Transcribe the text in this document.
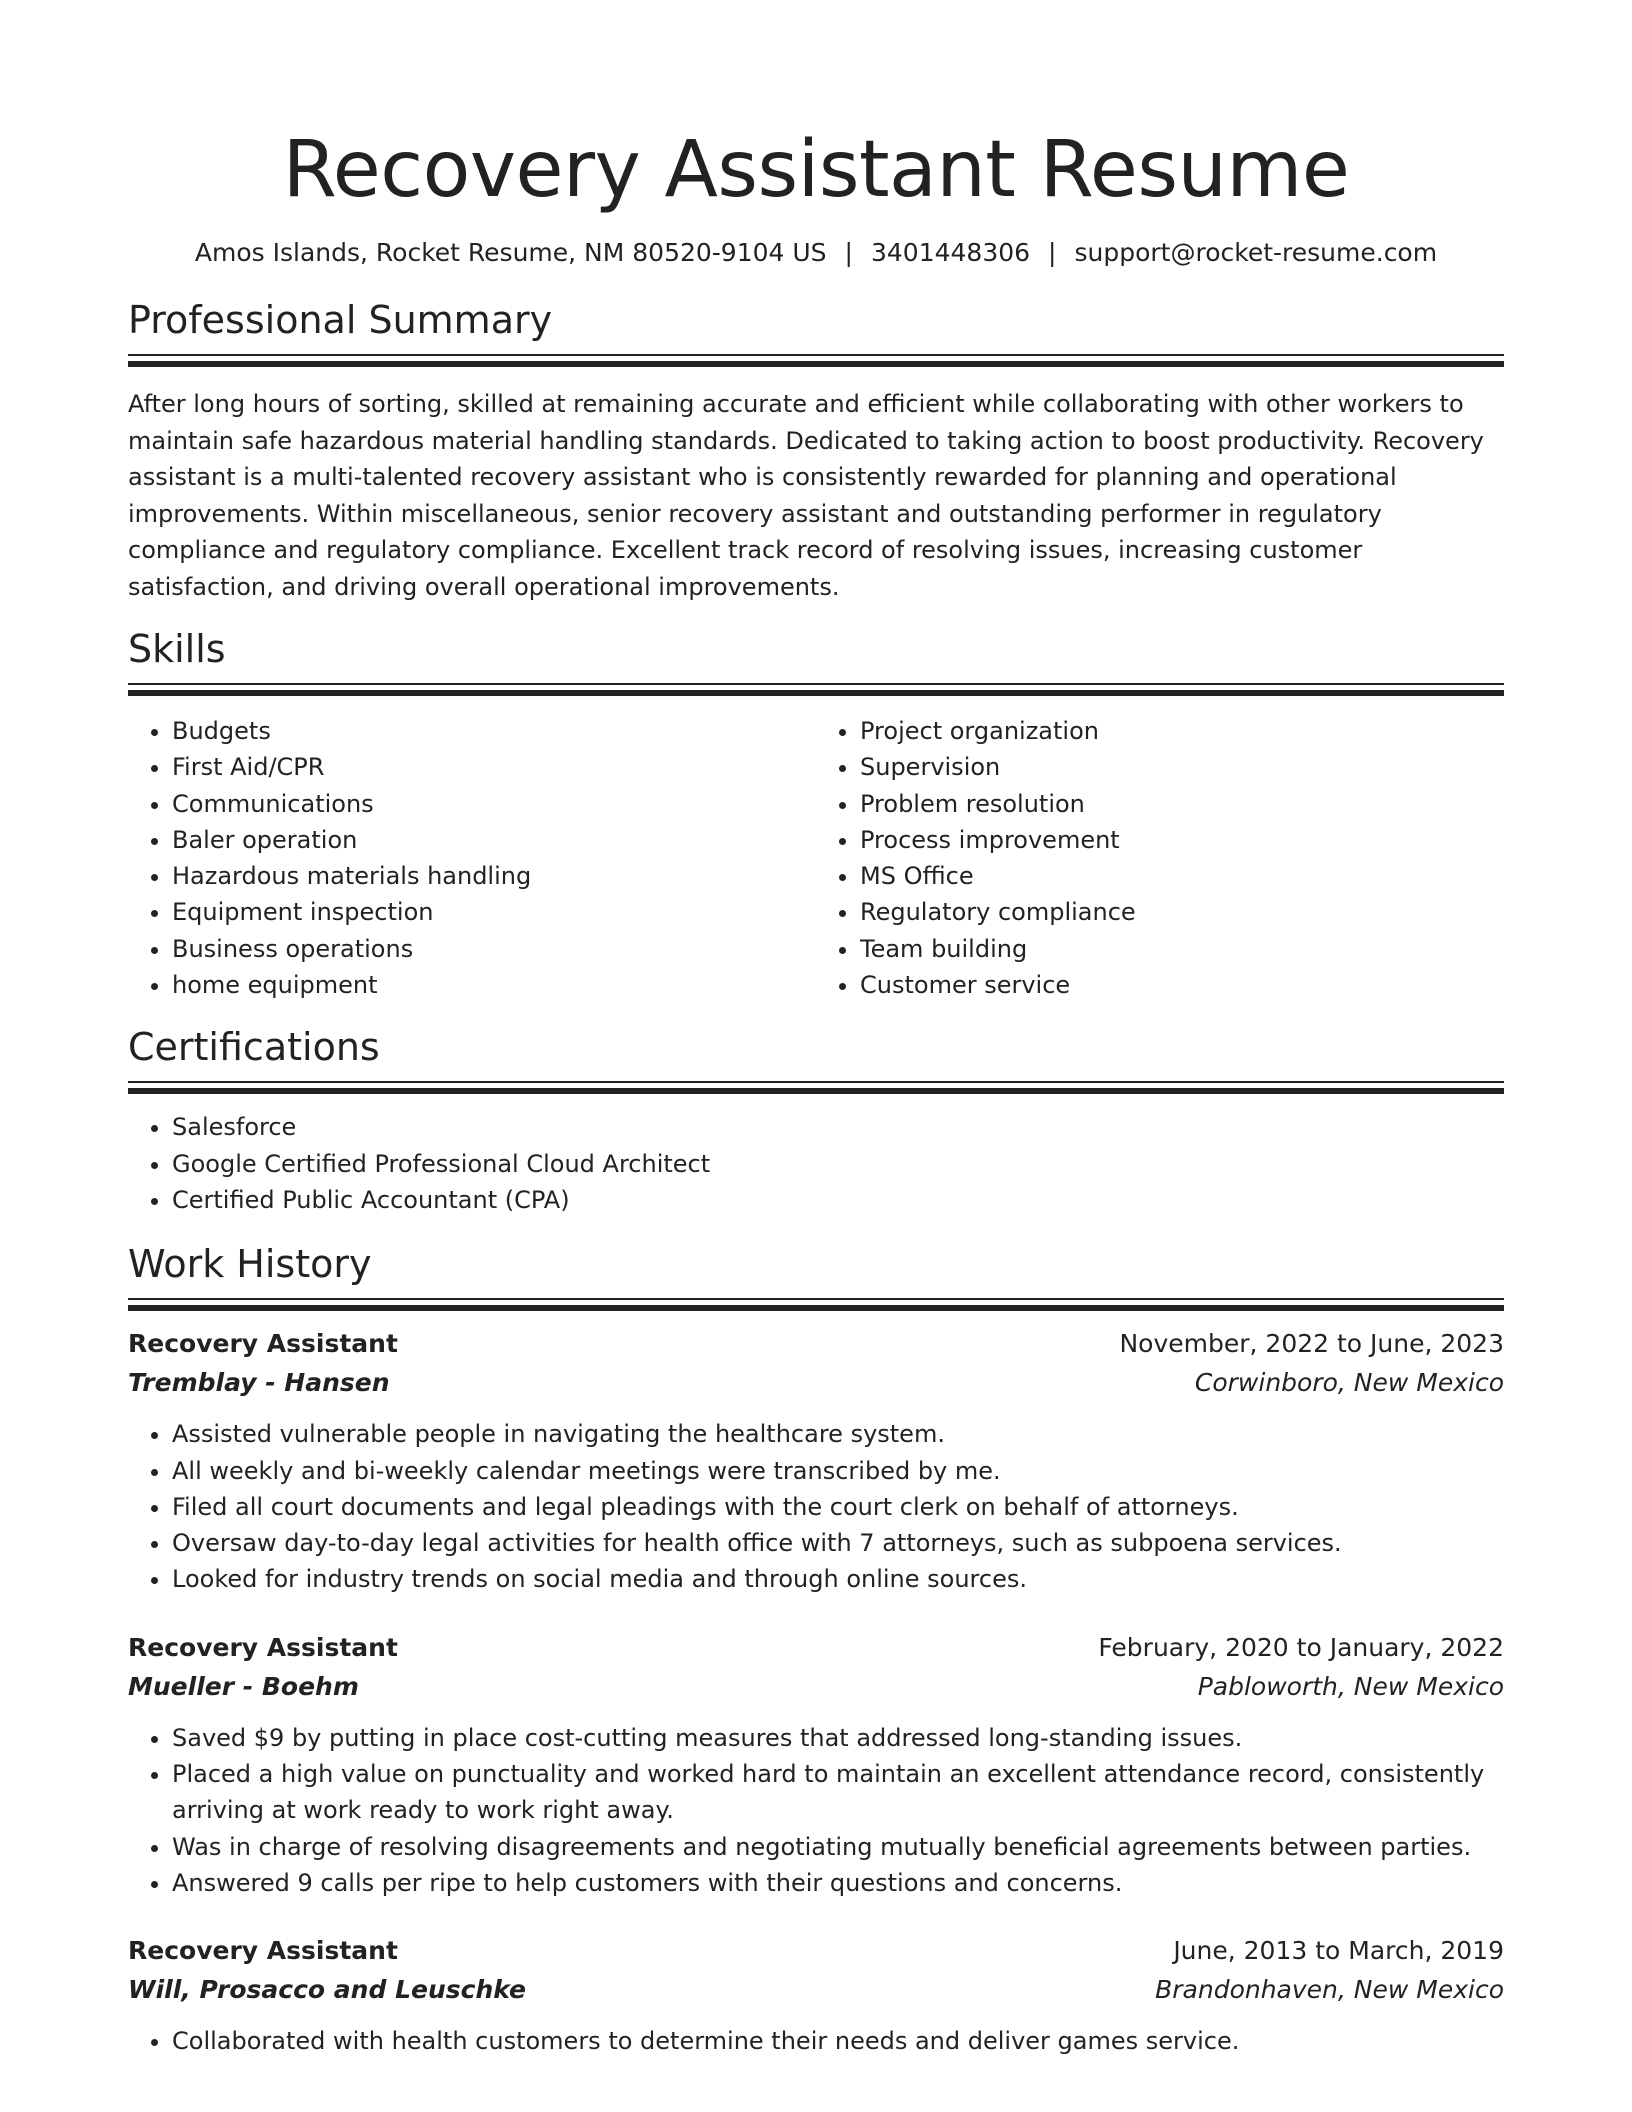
Recovery Assistant Resume
Amos Islands, Rocket Resume, NM 80520-9104 US | 3401448306 | support@rocket-resume.com
Professional Summary
After long hours of sorting, skilled at remaining accurate and efficient while collaborating with other workers to maintain safe hazardous material handling standards. Dedicated to taking action to boost productivity. Recovery assistant is a multi-talented recovery assistant who is consistently rewarded for planning and operational improvements. Within miscellaneous, senior recovery assistant and outstanding performer in regulatory compliance and regulatory compliance. Excellent track record of resolving issues, increasing customer satisfaction, and driving overall operational improvements.
Skills
• Budgets
• First Aid/CPR
• Communications
• Baler operation
• Hazardous materials handling
• Equipment inspection
• Business operations
• home equipment
• Project organization
• Supervision
• Problem resolution
• Process improvement
• MS Office
• Regulatory compliance
• Team building
• Customer service
Certifications
• Salesforce
• Google Certified Professional Cloud Architect
• Certified Public Accountant (CPA)
Work History
Recovery Assistant	November, 2022 to June, 2023
Tremblay - Hansen	Corwinboro, New Mexico
• Assisted vulnerable people in navigating the healthcare system.
• All weekly and bi-weekly calendar meetings were transcribed by me.
• Filed all court documents and legal pleadings with the court clerk on behalf of attorneys.
• Oversaw day-to-day legal activities for health office with 7 attorneys, such as subpoena services.
• Looked for industry trends on social media and through online sources.
Recovery Assistant	February, 2020 to January, 2022
Mueller - Boehm	Pabloworth, New Mexico
• Saved $9 by putting in place cost-cutting measures that addressed long-standing issues.
• Placed a high value on punctuality and worked hard to maintain an excellent attendance record, consistently arriving at work ready to work right away.
• Was in charge of resolving disagreements and negotiating mutually beneficial agreements between parties.
• Answered 9 calls per ripe to help customers with their questions and concerns.
Recovery Assistant	June, 2013 to March, 2019
Will, Prosacco and Leuschke	Brandonhaven, New Mexico
• Collaborated with health customers to determine their needs and deliver games service.
